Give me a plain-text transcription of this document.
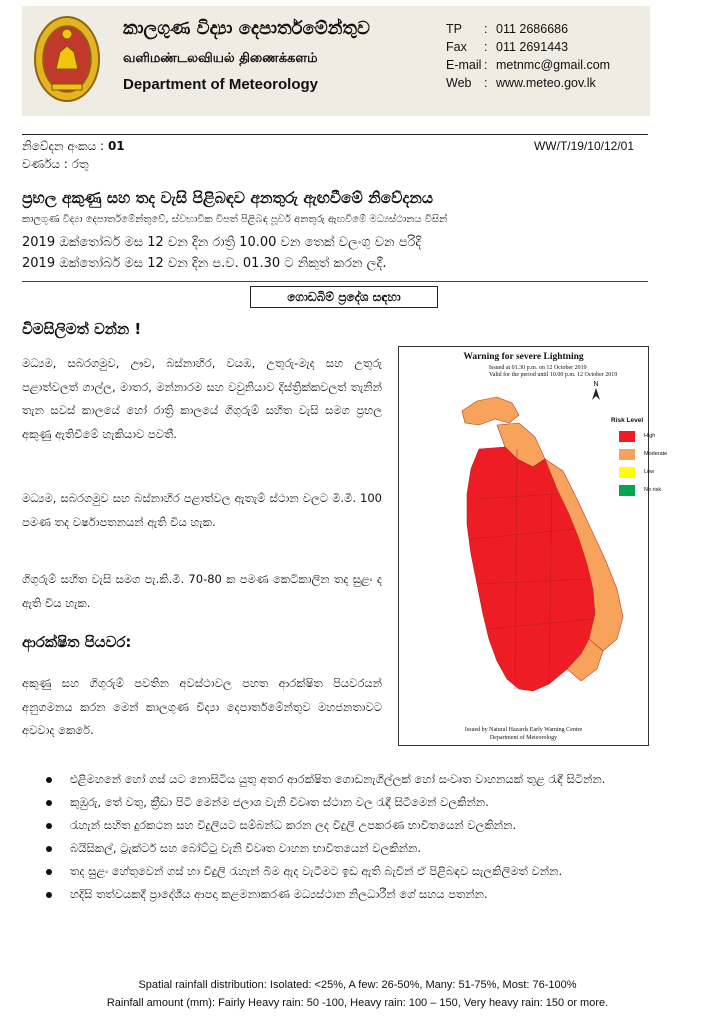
කාලගුණ විද්‍යා දෙපාර්තමේන්තුව
வளிமண்டலவியல் திணைக்களம்
Department of Meteorology
TP	: 011 2686686
Fax	: 011 2691443
E-mail : metnmc@gmail.com
Web	: www.meteo.gov.lk
නිවේදන අංකය : 01	WW/T/19/10/12/01
වර්ණය : රතු
ප්‍රභල අකුණු සහ තද වැසි පිළිබඳව අනතුරු ඇඟවීමේ නිවේදනය
කාලගුණ විද්‍යා දෙපාර්තමේන්තුවේ, ස්වභාවික විපත් පිළිබඳ පූර්ව අනතුරු ඇඟවීමේ මධ්‍යස්ථානය විසින්
2019 ඔක්තෝබර් මස 12 වන දින රාත්‍රි 10.00 වන තෙක් වලංගු වන පරිදි
2019 ඔක්තෝබර් මස 12 වන දින ප.ව. 01.30 ට නිකුත් කරන ලදී.
ගොඩබිම් ප්‍රදේශ සඳහා
විමසිලිමත් වන්න !
මධ්‍යම, සබරගමුව, ඌව, බස්නාහිර, වයඹ, උතුරු-මැද සහ උතුරු පළාත්වලත් ගාල්ල, මාතර, මන්නාරම සහ වවුනියාව දිස්ත්‍රික්කවලත් තැනින් තැන සවස් කාලයේ හෝ රාත්‍රි කාලයේ ගිගුරුම් සහිත වැසි සමග ප්‍රභල අකුණු ඇතිවීමේ හැකියාව පවතී.
මධ්‍යම, සබරගමුව සහ බස්නාහිර පළාත්වල ඇතැම් ස්ථාන වලට මි.මී. 100 පමණ තද වර්ෂාපතනයන් ඇති විය හැක.
ගිගුරුම් සහිත වැසි සමග පැ.කි.මී. 70-80 ක පමණ කෙටිකාලින තද සුළං ද ඇති විය හැක.
ආරක්ෂිත පියවර:
අකුණු සහ ගිගුරුම් පවතින අවස්ථාවල පහත ආරක්ෂිත පියවරයන් අනුගමනය කරන මෙන් කාලගුණ විද්‍යා දෙපාර්තමේන්තුව මහජනතාවට අවවාද කෙරේ.
Warning for severe Lightning
Issued at 01.30 p.m. on 12 October 2019
Valid for the period until 10.00 p.m. 12 October 2019
N
Risk Level
High
Moderate
Low
No risk
Issued by Natural Hazards Early Warning Centre
Department of Meteorology
එළිමහනේ හෝ ගස් යට නොසිටිය යුතු අතර ආරක්ෂිත ගොඩනැගිල්ලක් හෝ සංවෘත වාහනයක් තුළ රැඳී සිටින්න.
කුඹුරු, තේ වතු, ක්‍රීඩා පිටි මෙන්ම ජලාශ වැනි විවෘත ස්ථාන වල රැඳී සිටීමෙන් වලකින්න.
රැහැන් සහිත දුරකථන සහ විදුලියට සම්බන්ධ කරන ලද විදුලි උපකරණ භාවිතයෙන් වලකින්න.
බයිසිකල්, ට්‍රැක්ටර් සහ බෝට්ටු වැනි විවෘත වාහන භාවිතයෙන් වලකින්න.
තද සුළං හේතුවෙන් ගස් හා විදුලි රැහැන් බිම ඇද වැටීමට ඉඩ ඇති බැවින් ඒ පිළිබඳව සැලකිලිමත් වන්න.
හදිසි තත්වයකදී ප්‍රාදේශීය ආපදා කළමනාකරණ මධ්‍යස්ථාන නිලධාරීන් ගේ සහය පතන්න.
Spatial rainfall distribution: Isolated: <25%, A few: 26-50%, Many: 51-75%, Most: 76-100%
Rainfall amount (mm): Fairly Heavy rain: 50 -100, Heavy rain: 100 – 150, Very heavy rain: 150 or more.
